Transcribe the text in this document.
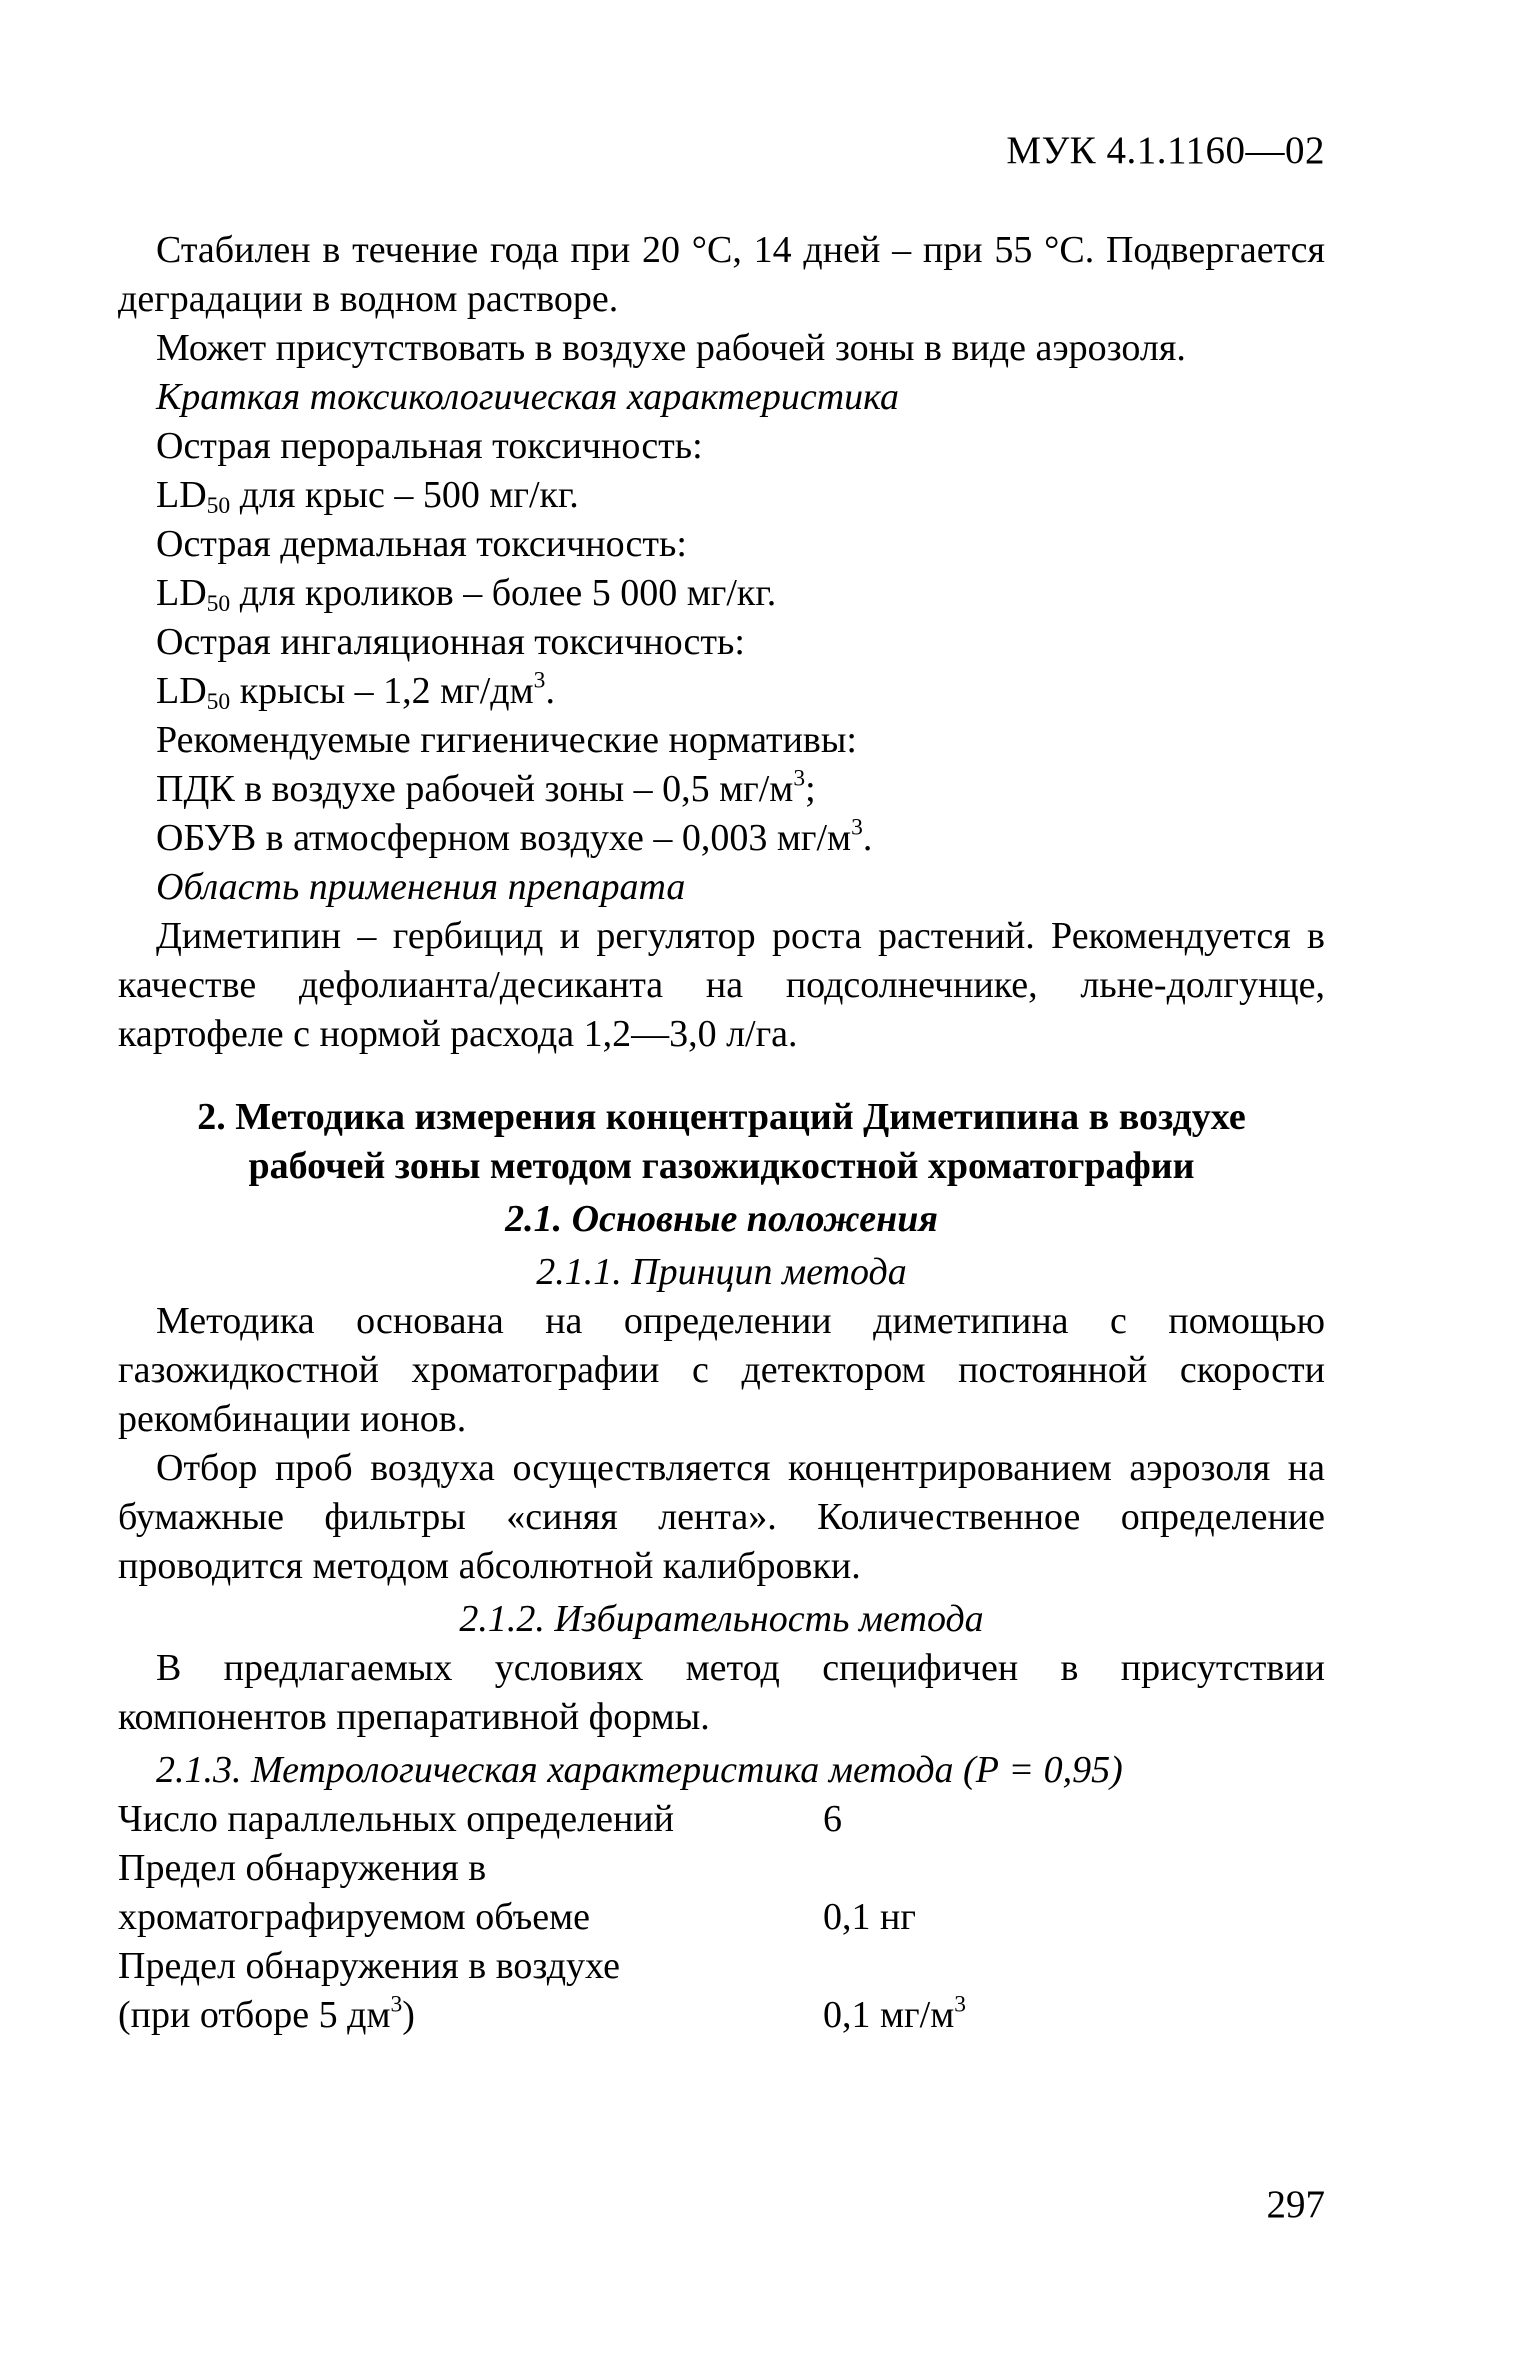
МУК 4.1.1160—02

Стабилен в течение года при 20 °С, 14 дней – при 55 °С. Подвергается деградации в водном растворе.

Может присутствовать в воздухе рабочей зоны в виде аэрозоля.

Краткая токсикологическая характеристика

Острая пероральная токсичность:

$LD_{50}$ для крыс – 500 мг/кг.

Острая дермальная токсичность:

$LD_{50}$ для кроликов – более 5 000 мг/кг.

Острая ингаляционная токсичность:

$LD_{50}$ крысы – 1,2 $мг/дм^3$.

Рекомендуемые гигиенические нормативы:

ПДК в воздухе рабочей зоны – 0,5 $мг/м^3$;

ОБУВ в атмосферном воздухе – 0,003 $мг/м^3$.

Область применения препарата

Диметипин – гербицид и регулятор роста растений. Рекомендуется в качестве дефолианта/десиканта на подсолнечнике, льне-долгунце, картофеле с нормой расхода 1,2—3,0 л/га.

2. Методика измерения концентраций Диметипина в воздухе
рабочей зоны методом газожидкостной хроматографии
2.1. Основные положения
2.1.1. Принцип метода

Методика основана на определении диметипина с помощью газожидкостной хроматографии с детектором постоянной скорости рекомбинации ионов.

Отбор проб воздуха осуществляется концентрированием аэрозоля на бумажные фильтры «синяя лента». Количественное определение проводится методом абсолютной калибровки.

2.1.2. Избирательность метода

В предлагаемых условиях метод специфичен в присутствии компонентов препаративной формы.

2.1.3. Метрологическая характеристика метода (Р = 0,95)
Число параллельных определений	6

Предел обнаружения в
хроматографируемом объеме	0,1 нг

Предел обнаружения в воздухе
(при отборе 5 $дм^3$)	0,1 $мг/м^3$
297
